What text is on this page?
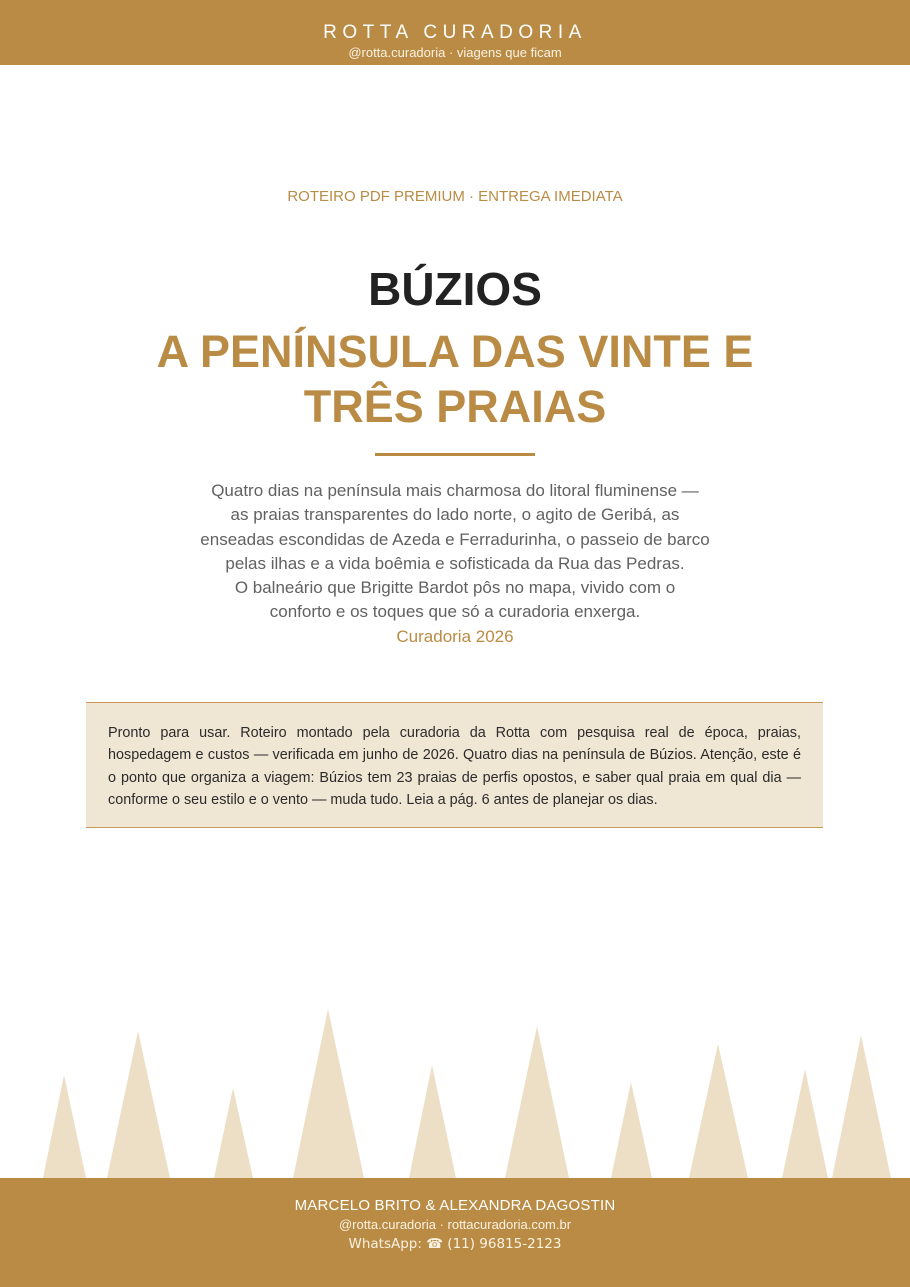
ROTTA CURADORIA
@rotta.curadoria · viagens que ficam
ROTEIRO PDF PREMIUM · ENTREGA IMEDIATA
BÚZIOS
A PENÍNSULA DAS VINTE E
TRÊS PRAIAS
Quatro dias na península mais charmosa do litoral fluminense —
as praias transparentes do lado norte, o agito de Geribá, as
enseadas escondidas de Azeda e Ferradurinha, o passeio de barco
pelas ilhas e a vida boêmia e sofisticada da Rua das Pedras.
O balneário que Brigitte Bardot pôs no mapa, vivido com o
conforto e os toques que só a curadoria enxerga.
Curadoria 2026

Pronto para usar. Roteiro montado pela curadoria da Rotta com pesquisa real de época, praias, hospedagem e custos — verificada em junho de 2026. Quatro dias na península de Búzios. Atenção, este é o ponto que organiza a viagem: Búzios tem 23 praias de perfis opostos, e saber qual praia em qual dia — conforme o seu estilo e o vento — muda tudo. Leia a pág. 6 antes de planejar os dias.

MARCELO BRITO & ALEXANDRA DAGOSTIN
@rotta.curadoria · rottacuradoria.com.br
WhatsApp: ☎ (11) 96815-2123
